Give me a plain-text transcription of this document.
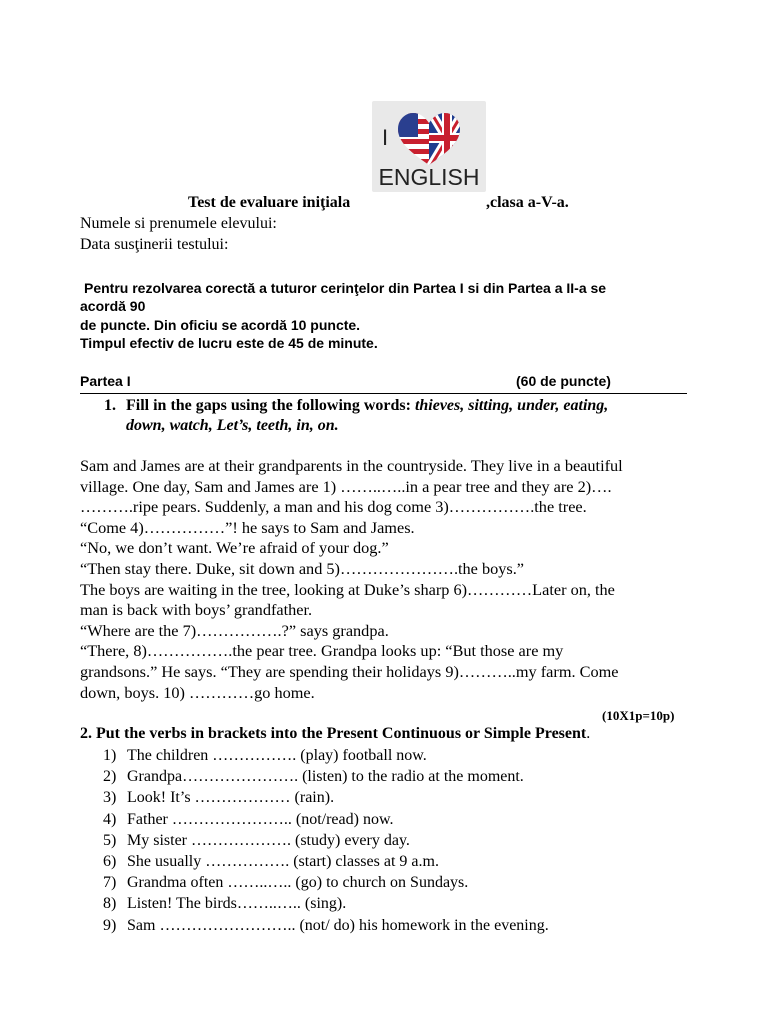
I
ENGLISH
Test de evaluare iniţiala	,clasa a-V-a.
Numele si prenumele elevului:
Data susţinerii testului:
Pentru rezolvarea corectă a tuturor cerinţelor din Partea I si din Partea a II-a se
acordă 90
de puncte. Din oficiu se acordă 10 puncte.
Timpul efectiv de lucru este de 45 de minute.
Partea I	(60 de puncte)
1. Fill in the gaps using the following words: thieves, sitting, under, eating,
down, watch, Let’s, teeth, in, on.
Sam and James are at their grandparents in the countryside. They live in a beautiful
village. One day, Sam and James are 1) ……..…..in a pear tree and they are 2)….
……….ripe pears. Suddenly, a man and his dog come 3)…………….the tree.
“Come 4)……………”! he says to Sam and James.
“No, we don’t want. We’re afraid of your dog.”
“Then stay there. Duke, sit down and 5)………………….the boys.”
The boys are waiting in the tree, looking at Duke’s sharp 6)…………Later on, the
man is back with boys’ grandfather.
“Where are the 7)…………….?” says grandpa.
“There, 8)…………….the pear tree. Grandpa looks up: “But those are my
grandsons.” He says. “They are spending their holidays 9)………..my farm. Come
down, boys. 10) …………go home.
(10X1p=10p)
2. Put the verbs in brackets into the Present Continuous or Simple Present.
1) The children ……………. (play) football now.
2) Grandpa…………………. (listen) to the radio at the moment.
3) Look! It’s ……………… (rain).
4) Father ………………….. (not/read) now.
5) My sister ………………. (study) every day.
6) She usually ……………. (start) classes at 9 a.m.
7) Grandma often ……..….. (go) to church on Sundays.
8) Listen! The birds……..….. (sing).
9) Sam …………………….. (not/ do) his homework in the evening.
